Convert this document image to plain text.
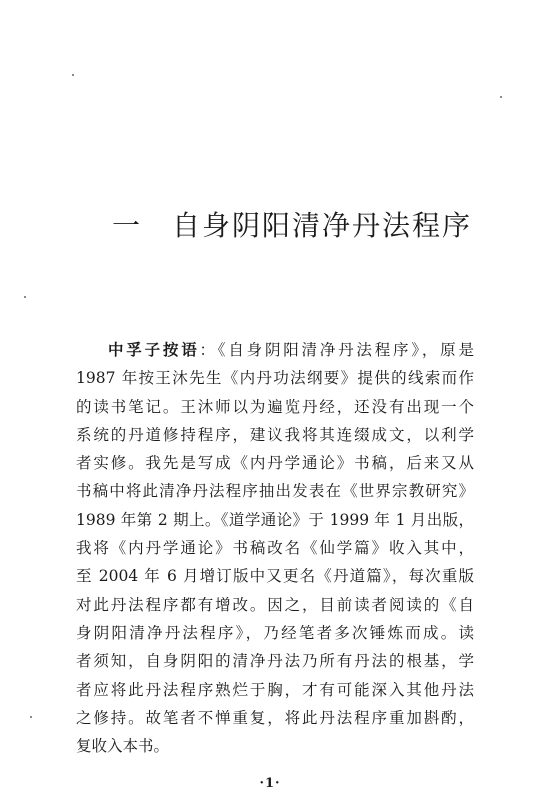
一 自身阴阳清净丹法程序
中孚子按语：《自身阴阳清净丹法程序》，原是
1987 年按王沐先生《内丹功法纲要》提供的线索而作
的读书笔记。王沐师以为遍览丹经，还没有出现一个
系统的丹道修持程序，建议我将其连缀成文，以利学
者实修。我先是写成《内丹学通论》书稿，后来又从
书稿中将此清净丹法程序抽出发表在《世界宗教研究》
1989 年第 2 期上。《道学通论》于 1999 年 1 月出版，
我将《内丹学通论》书稿改名《仙学篇》收入其中，
至 2004 年 6 月增订版中又更名《丹道篇》，每次重版
对此丹法程序都有增改。因之，目前读者阅读的《自
身阴阳清净丹法程序》，乃经笔者多次锤炼而成。读
者须知，自身阴阳的清净丹法乃所有丹法的根基，学
者应将此丹法程序熟烂于胸，才有可能深入其他丹法
之修持。故笔者不惮重复，将此丹法程序重加斟酌，
复收入本书。
·1·
